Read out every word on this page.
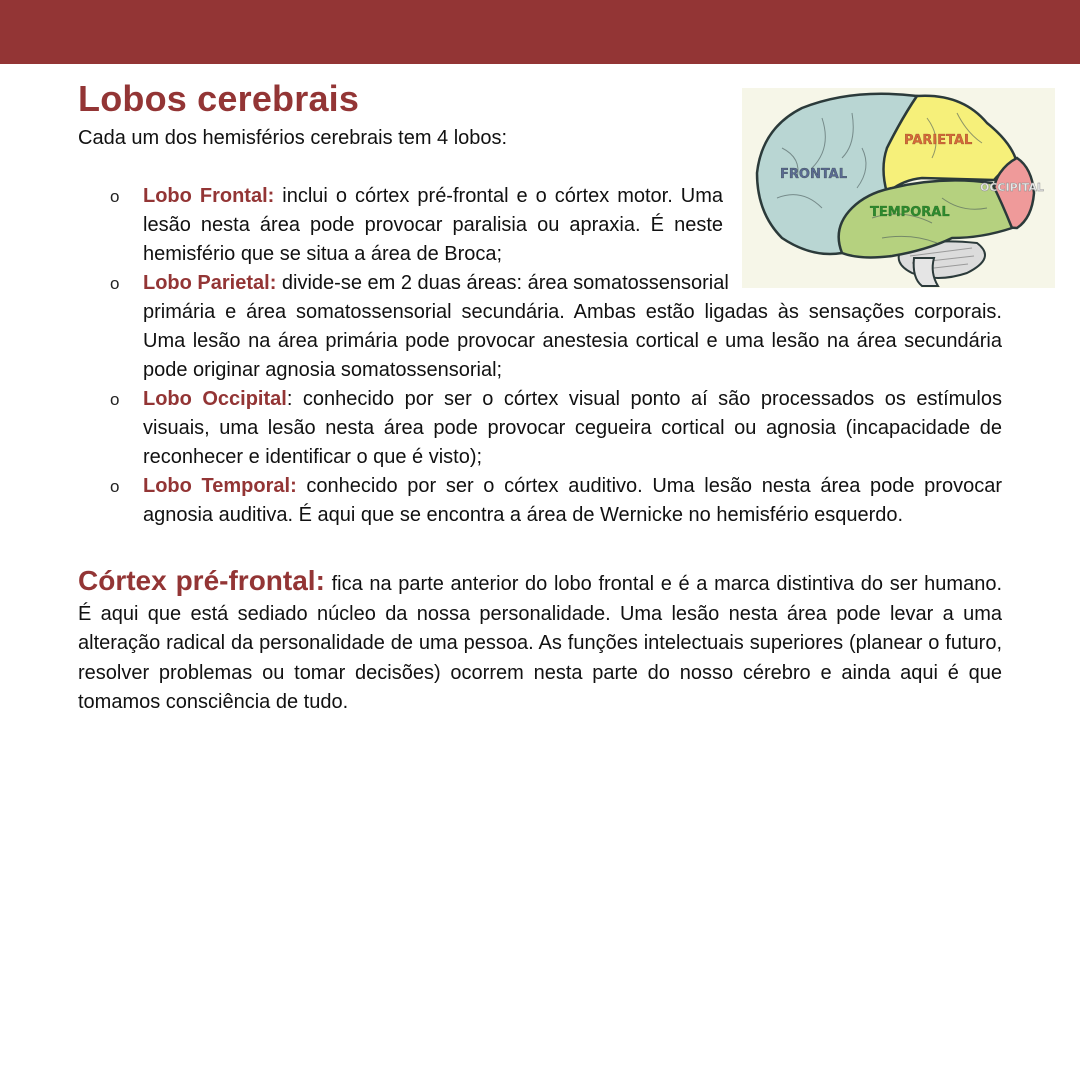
Lobos cerebrais

Cada um dos hemisférios cerebrais tem 4 lobos:

o Lobo Frontal: inclui o córtex pré-frontal e o córtex motor. Uma lesão nesta área pode provocar paralisia ou apraxia. É neste hemisfério que se situa a área de Broca;
o Lobo Parietal: divide-se em 2 duas áreas: área somatossensorial
primária e área somatossensorial secundária. Ambas estão ligadas às sensações corporais. Uma lesão na área primária pode provocar anestesia cortical e uma lesão na área secundária pode originar agnosia somatossensorial;
o Lobo Occipital: conhecido por ser o córtex visual ponto aí são processados os estímulos visuais, uma lesão nesta área pode provocar cegueira cortical ou agnosia (incapacidade de reconhecer e identificar o que é visto);
o Lobo Temporal: conhecido por ser o córtex auditivo. Uma lesão nesta área pode provocar agnosia auditiva. É aqui que se encontra a área de Wernicke no hemisfério esquerdo.

Córtex pré-frontal: fica na parte anterior do lobo frontal e é a marca distintiva do ser humano. É aqui que está sediado núcleo da nossa personalidade. Uma lesão nesta área pode levar a uma alteração radical da personalidade de uma pessoa. As funções intelectuais superiores (planear o futuro, resolver problemas ou tomar decisões) ocorrem nesta parte do nosso cérebro e ainda aqui é que tomamos consciência de tudo.

FRONTAL
PARIETAL
OCCIPITAL
TEMPORAL
